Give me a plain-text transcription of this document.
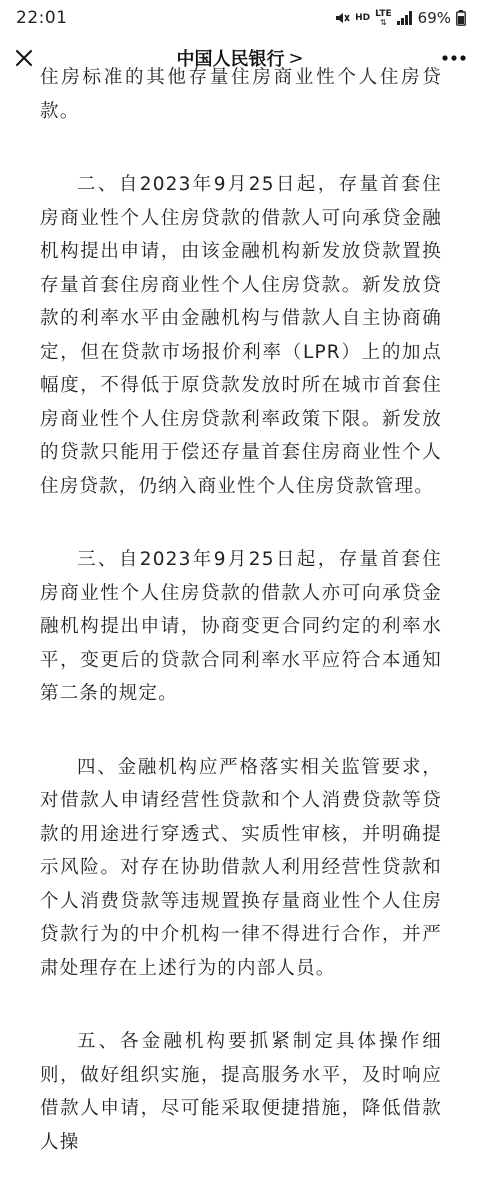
22:01	HD LTE
⇅ 69%
中国人民银行 >

住房标准的其他存量住房商业性个人住房贷款。

二、自2023年9月25日起，存量首套住房商业性个人住房贷款的借款人可向承贷金融机构提出申请，由该金融机构新发放贷款置换存量首套住房商业性个人住房贷款。新发放贷款的利率水平由金融机构与借款人自主协商确定，但在贷款市场报价利率（LPR）上的加点幅度，不得低于原贷款发放时所在城市首套住房商业性个人住房贷款利率政策下限。新发放的贷款只能用于偿还存量首套住房商业性个人住房贷款，仍纳入商业性个人住房贷款管理。

三、自2023年9月25日起，存量首套住房商业性个人住房贷款的借款人亦可向承贷金融机构提出申请，协商变更合同约定的利率水平，变更后的贷款合同利率水平应符合本通知第二条的规定。

四、金融机构应严格落实相关监管要求，对借款人申请经营性贷款和个人消费贷款等贷款的用途进行穿透式、实质性审核，并明确提示风险。对存在协助借款人利用经营性贷款和个人消费贷款等违规置换存量商业性个人住房贷款行为的中介机构一律不得进行合作，并严肃处理存在上述行为的内部人员。

五、各金融机构要抓紧制定具体操作细则，做好组织实施，提高服务水平，及时响应借款人申请，尽可能采取便捷措施，降低借款人操
